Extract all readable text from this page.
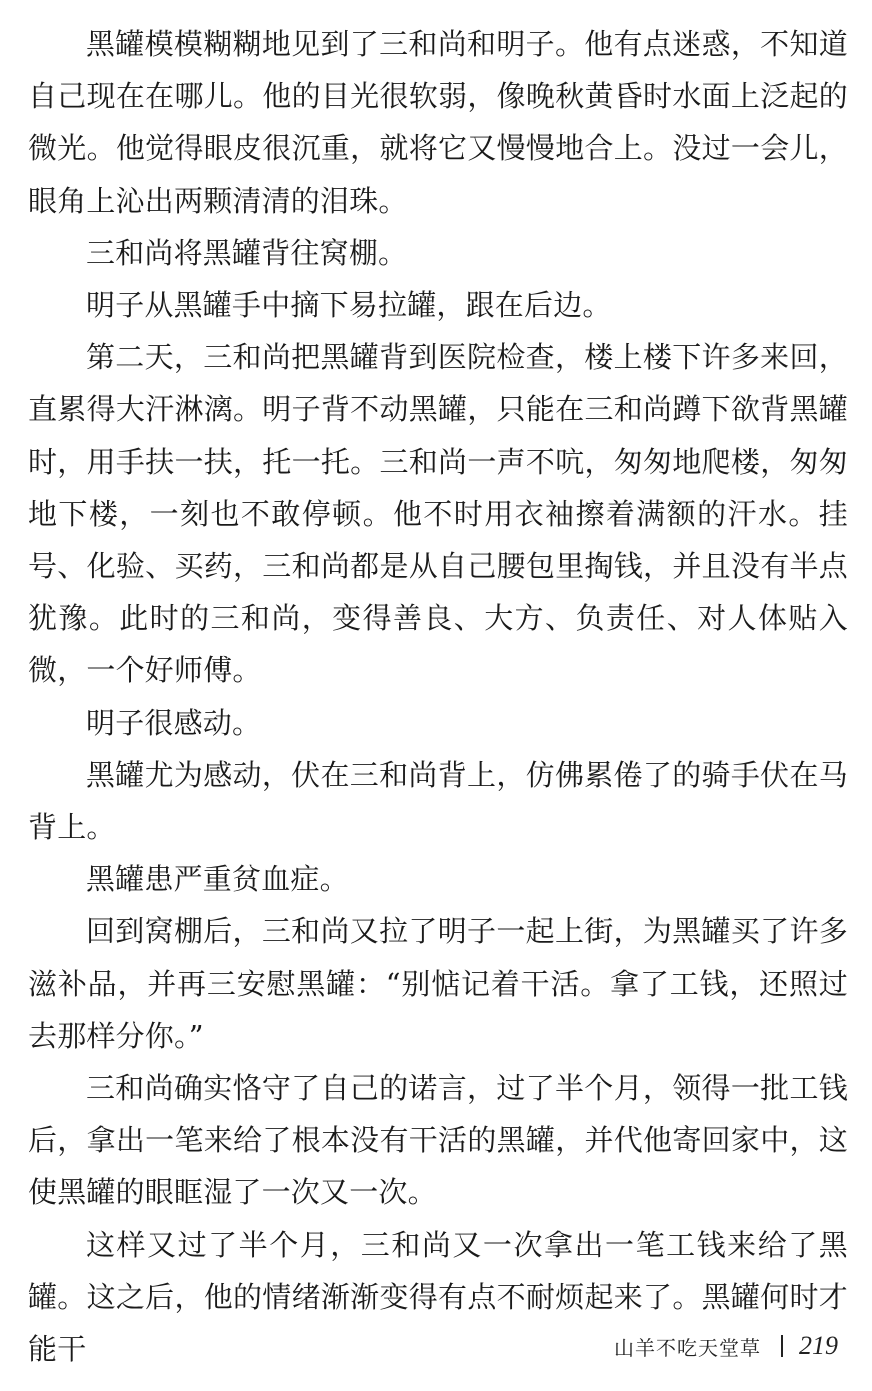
黑罐模模糊糊地见到了三和尚和明子。他有点迷惑，不知道自己现在在哪儿。他的目光很软弱，像晚秋黄昏时水面上泛起的微光。他觉得眼皮很沉重，就将它又慢慢地合上。没过一会儿，眼角上沁出两颗清清的泪珠。

三和尚将黑罐背往窝棚。

明子从黑罐手中摘下易拉罐，跟在后边。

第二天，三和尚把黑罐背到医院检查，楼上楼下许多来回，直累得大汗淋漓。明子背不动黑罐，只能在三和尚蹲下欲背黑罐时，用手扶一扶，托一托。三和尚一声不吭，匆匆地爬楼，匆匆地下楼，一刻也不敢停顿。他不时用衣袖擦着满额的汗水。挂号、化验、买药，三和尚都是从自己腰包里掏钱，并且没有半点犹豫。此时的三和尚，变得善良、大方、负责任、对人体贴入微，一个好师傅。

明子很感动。

黑罐尤为感动，伏在三和尚背上，仿佛累倦了的骑手伏在马背上。

黑罐患严重贫血症。

回到窝棚后，三和尚又拉了明子一起上街，为黑罐买了许多滋补品，并再三安慰黑罐：“别惦记着干活。拿了工钱，还照过去那样分你。”

三和尚确实恪守了自己的诺言，过了半个月，领得一批工钱后，拿出一笔来给了根本没有干活的黑罐，并代他寄回家中，这使黑罐的眼眶湿了一次又一次。

这样又过了半个月，三和尚又一次拿出一笔工钱来给了黑罐。这之后，他的情绪渐渐变得有点不耐烦起来了。黑罐何时才能干	山羊不吃天堂草 219
